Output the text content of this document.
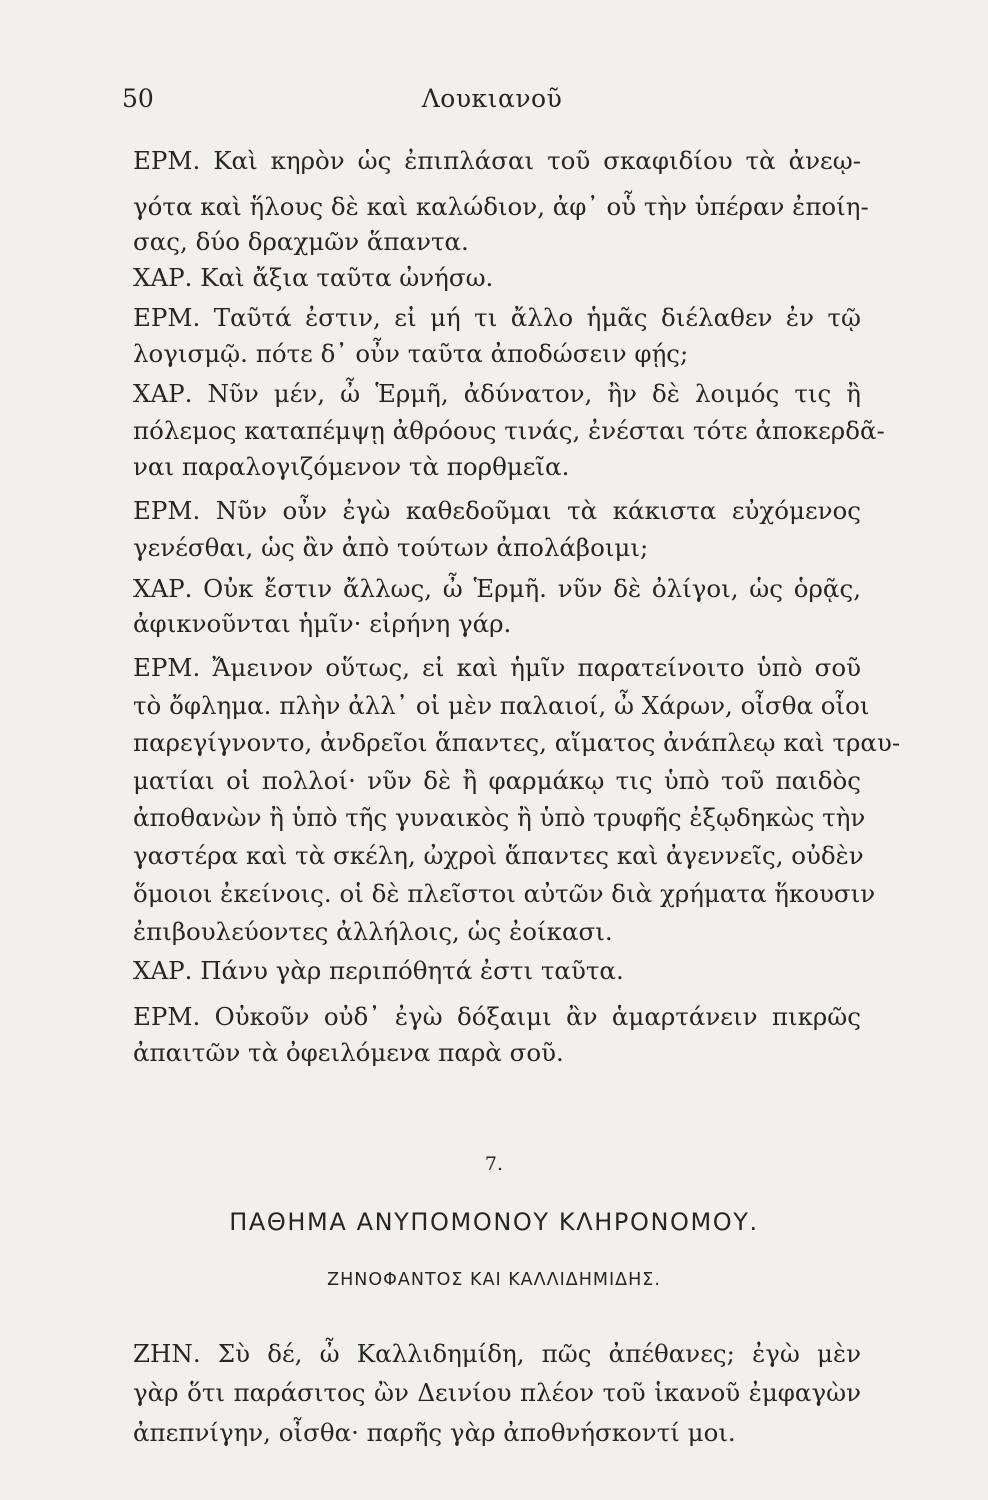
50	Λουκιανοῦ
ΕΡΜ. Καὶ κηρὸν ὡς ἐπιπλάσαι τοῦ σκαφιδίου τὰ ἀνεῳ-
γότα καὶ ἥλους δὲ καὶ καλώδιον, ἀφ᾽ οὗ τὴν ὑπέραν ἐποίη-
σας, δύο δραχμῶν ἅπαντα.
ΧΑΡ. Καὶ ἄξια ταῦτα ὠνήσω.
ΕΡΜ. Ταῦτά ἐστιν, εἰ μή τι ἄλλο ἡμᾶς διέλαθεν ἐν τῷ
λογισμῷ. πότε δ᾽ οὖν ταῦτα ἀποδώσειν φῄς;
ΧΑΡ. Νῦν μέν, ὦ Ἑρμῆ, ἀδύνατον, ἢν δὲ λοιμός τις ἢ
πόλεμος καταπέμψῃ ἀθρόους τινάς, ἐνέσται τότε ἀποκερδᾶ-
ναι παραλογιζόμενον τὰ πορθμεῖα.
ΕΡΜ. Νῦν οὖν ἐγὼ καθεδοῦμαι τὰ κάκιστα εὐχόμενος
γενέσθαι, ὡς ἂν ἀπὸ τούτων ἀπολάβοιμι;
ΧΑΡ. Οὐκ ἔστιν ἄλλως, ὦ Ἑρμῆ. νῦν δὲ ὀλίγοι, ὡς ὁρᾷς,
ἀφικνοῦνται ἡμῖν· εἰρήνη γάρ.
ΕΡΜ. Ἄμεινον οὕτως, εἰ καὶ ἡμῖν παρατείνοιτο ὑπὸ σοῦ
τὸ ὄφλημα. πλὴν ἀλλ᾽ οἱ μὲν παλαιοί, ὦ Χάρων, οἶσθα οἷοι
παρεγίγνοντο, ἀνδρεῖοι ἅπαντες, αἵματος ἀνάπλεῳ καὶ τραυ-
ματίαι οἱ πολλοί· νῦν δὲ ἢ φαρμάκῳ τις ὑπὸ τοῦ παιδὸς
ἀποθανὼν ἢ ὑπὸ τῆς γυναικὸς ἢ ὑπὸ τρυφῆς ἐξῳδηκὼς τὴν
γαστέρα καὶ τὰ σκέλη, ὠχροὶ ἅπαντες καὶ ἀγεννεῖς, οὐδὲν
ὅμοιοι ἐκείνοις. οἱ δὲ πλεῖστοι αὐτῶν διὰ χρήματα ἥκουσιν
ἐπιβουλεύοντες ἀλλήλοις, ὡς ἐοίκασι.
ΧΑΡ. Πάνυ γὰρ περιπόθητά ἐστι ταῦτα.
ΕΡΜ. Οὐκοῦν οὐδ᾽ ἐγὼ δόξαιμι ἂν ἁμαρτάνειν πικρῶς
ἀπαιτῶν τὰ ὀφειλόμενα παρὰ σοῦ.
7.
ΠΑΘΗΜΑ ΑΝΥΠΟΜΟΝΟΥ ΚΛΗΡΟΝΟΜΟΥ.
ΖΗΝΟΦΑΝΤΟΣ ΚΑΙ ΚΑΛΛΙΔΗΜΙΔΗΣ.
ΖΗΝ. Σὺ δέ, ὦ Καλλιδημίδη, πῶς ἀπέθανες; ἐγὼ μὲν
γὰρ ὅτι παράσιτος ὢν Δεινίου πλέον τοῦ ἱκανοῦ ἐμφαγὼν
ἀπεπνίγην, οἶσθα· παρῆς γὰρ ἀποθνήσκοντί μοι.
